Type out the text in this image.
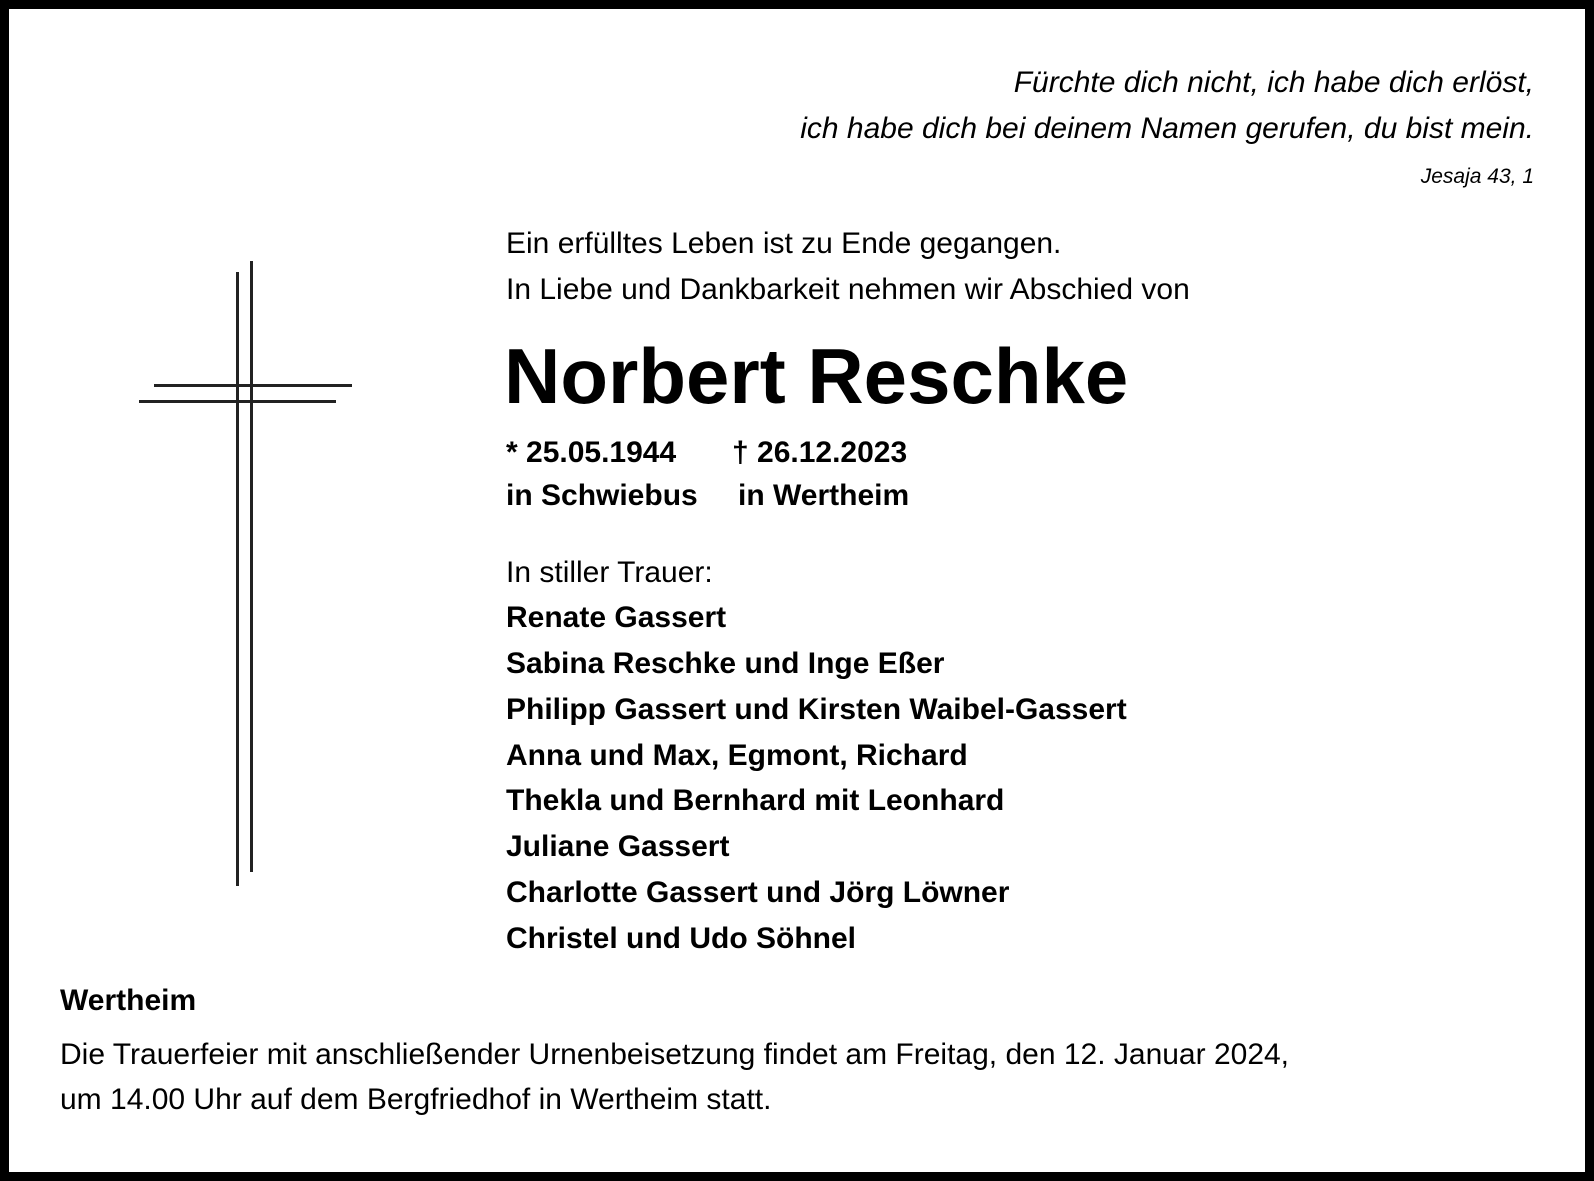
Fürchte dich nicht, ich habe dich erlöst,
ich habe dich bei deinem Namen gerufen, du bist mein.
Jesaja 43, 1
Ein erfülltes Leben ist zu Ende gegangen.
In Liebe und Dankbarkeit nehmen wir Abschied von
Norbert Reschke
* 25.05.1944 † 26.12.2023
in Schwiebus in Wertheim
In stiller Trauer:
Renate Gassert
Sabina Reschke und Inge Eßer
Philipp Gassert und Kirsten Waibel-Gassert
Anna und Max, Egmont, Richard
Thekla und Bernhard mit Leonhard
Juliane Gassert
Charlotte Gassert und Jörg Löwner
Christel und Udo Söhnel
Wertheim
Die Trauerfeier mit anschließender Urnenbeisetzung findet am Freitag, den 12. Januar 2024,
um 14.00 Uhr auf dem Bergfriedhof in Wertheim statt.
